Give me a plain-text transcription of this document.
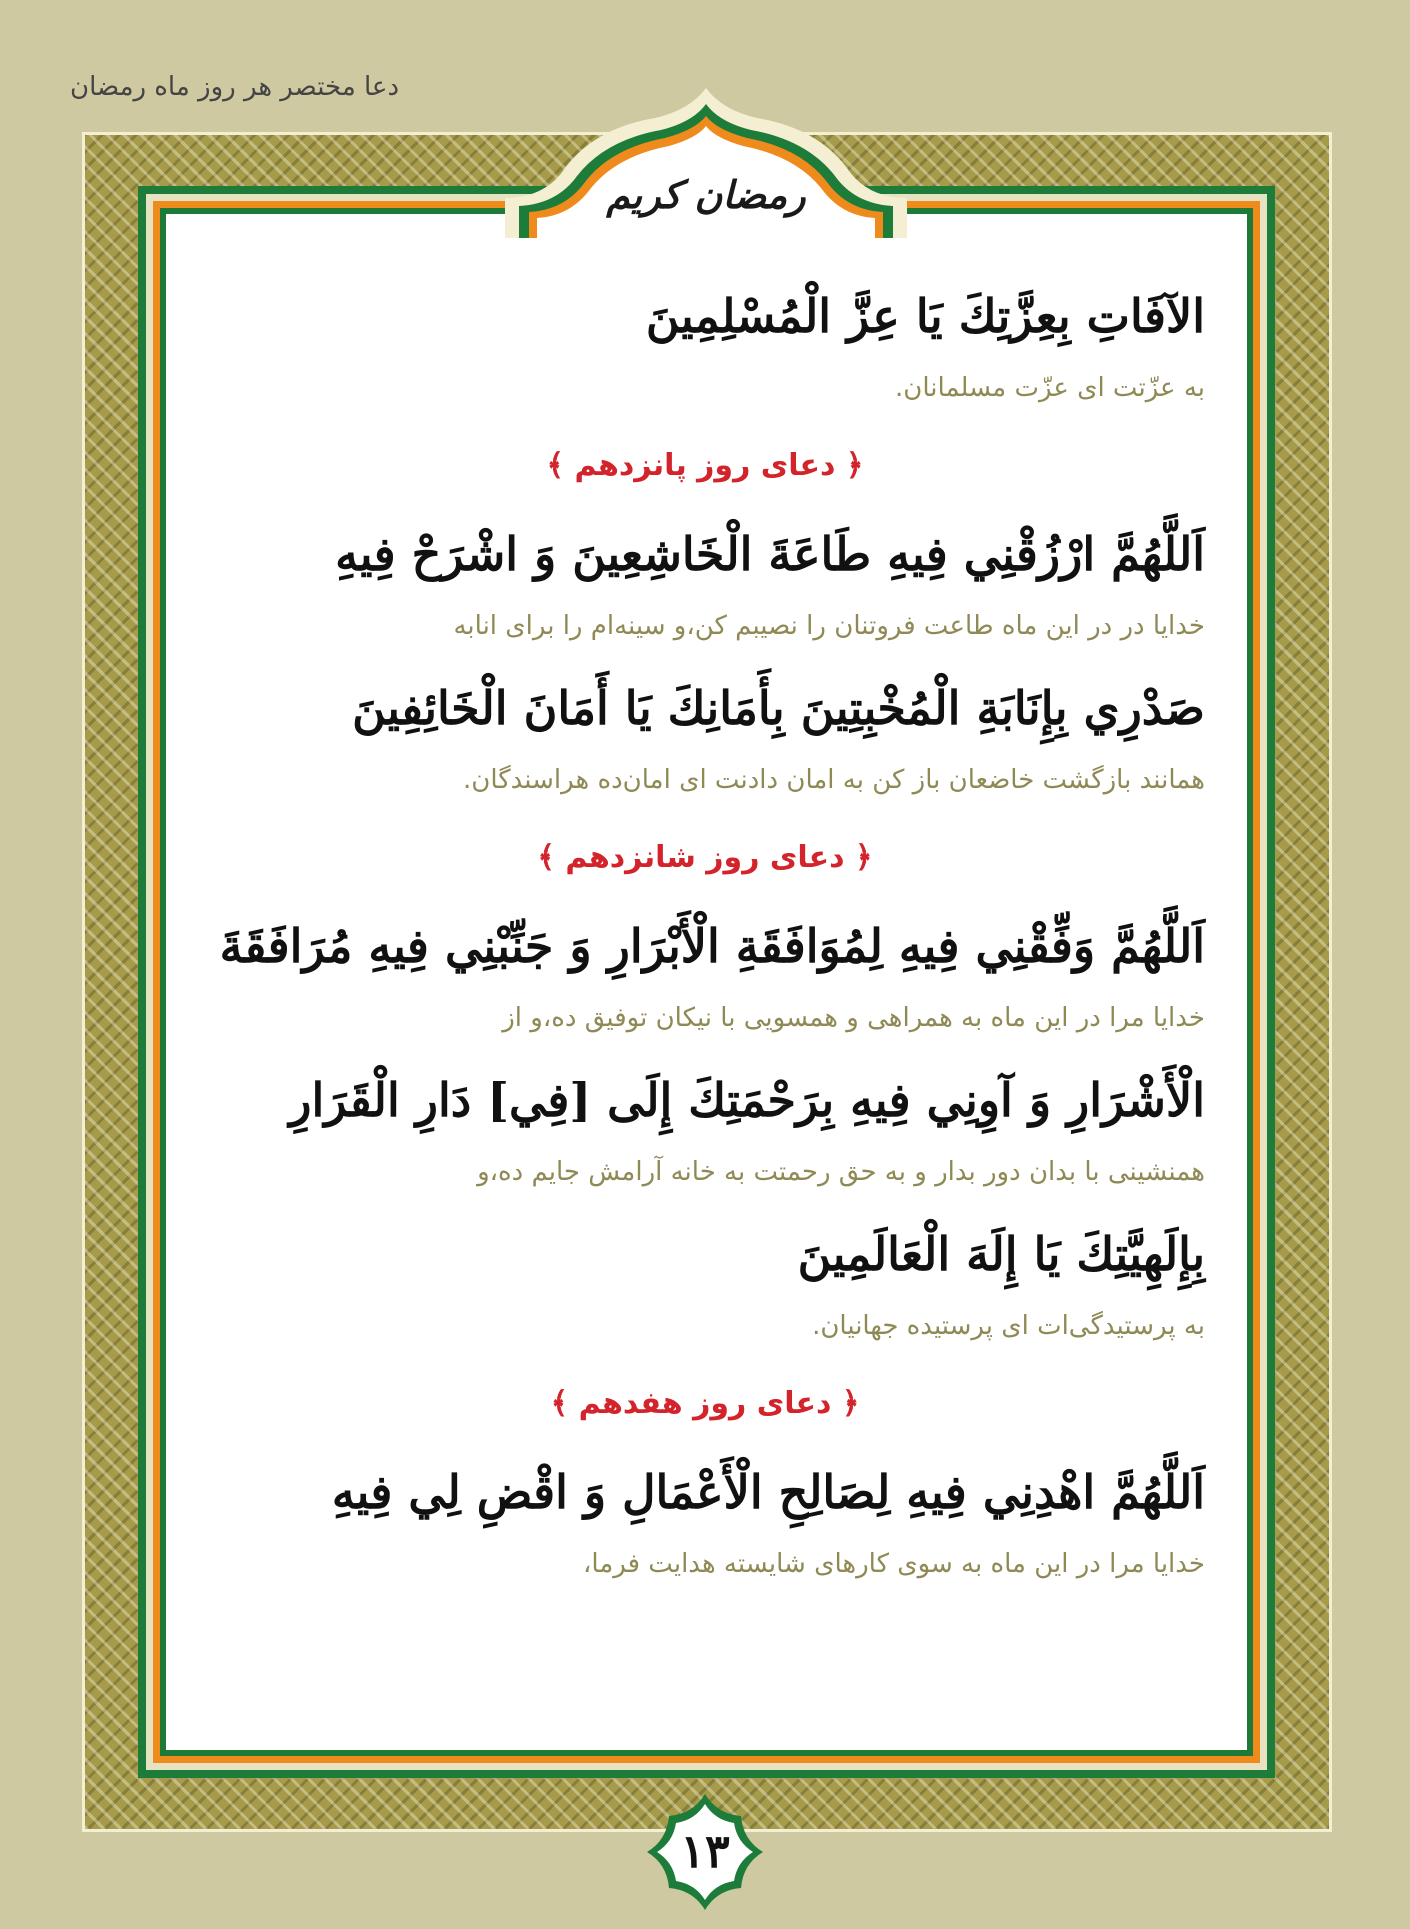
دعا مختصر هر روز ماه رمضان
رمضان کریم
الآفَاتِ بِعِزَّتِكَ يَا عِزَّ الْمُسْلِمِينَ
به عزّتت ای عزّت مسلمانان.
﴿ دعای روز پانزدهم ﴾
اَللَّهُمَّ ارْزُقْنِي فِيهِ طَاعَةَ الْخَاشِعِينَ وَ اشْرَحْ فِيهِ
خدایا در در این ماه طاعت فروتنان را نصیبم کن،و سینه‌ام را برای انابه
صَدْرِي بِإِنَابَةِ الْمُخْبِتِينَ بِأَمَانِكَ يَا أَمَانَ الْخَائِفِينَ
همانند بازگشت خاضعان باز کن به امان دادنت ای امان‌ده هراسندگان.
﴿ دعای روز شانزدهم ﴾
اَللَّهُمَّ وَفِّقْنِي فِيهِ لِمُوَافَقَةِ الْأَبْرَارِ وَ جَنِّبْنِي فِيهِ مُرَافَقَةَ
خدایا مرا در این ماه به همراهی و همسویی با نیکان توفیق ده،و از
الْأَشْرَارِ وَ آوِنِي فِيهِ بِرَحْمَتِكَ إِلَى [فِي] دَارِ الْقَرَارِ
همنشینی با بدان دور بدار و به حق رحمتت به خانه آرامش جایم ده،و
بِإِلَهِيَّتِكَ يَا إِلَهَ الْعَالَمِينَ
به پرستیدگی‌ات ای پرستیده جهانیان.
﴿ دعای روز هفدهم ﴾
اَللَّهُمَّ اهْدِنِي فِيهِ لِصَالِحِ الْأَعْمَالِ وَ اقْضِ لِي فِيهِ
خدایا مرا در این ماه به سوی کارهای شایسته هدایت فرما،
١٣
